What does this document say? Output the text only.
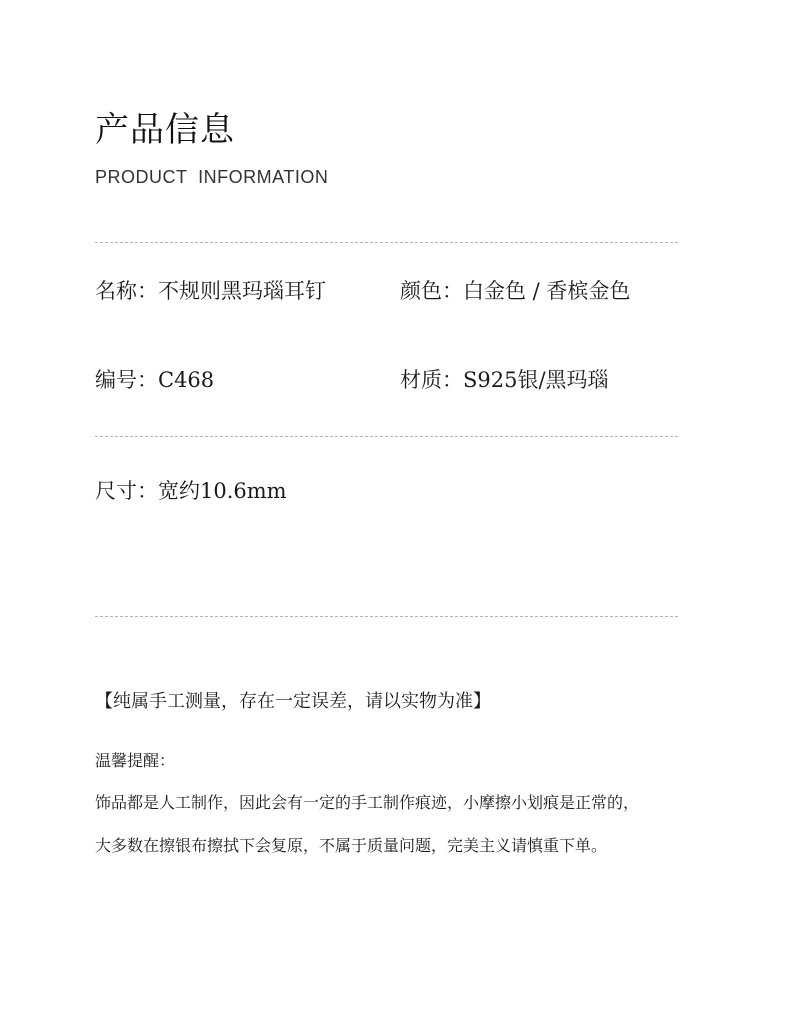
产品信息
PRODUCT  INFORMATION
名称：不规则黑玛瑙耳钉	颜色：白金色 / 香槟金色
编号：C468	材质：S925银/黑玛瑙
尺寸：宽约10.6mm
【纯属手工测量，存在一定误差，请以实物为准】
温馨提醒：
饰品都是人工制作，因此会有一定的手工制作痕迹，小摩擦小划痕是正常的，
大多数在擦银布擦拭下会复原，不属于质量问题，完美主义请慎重下单。
